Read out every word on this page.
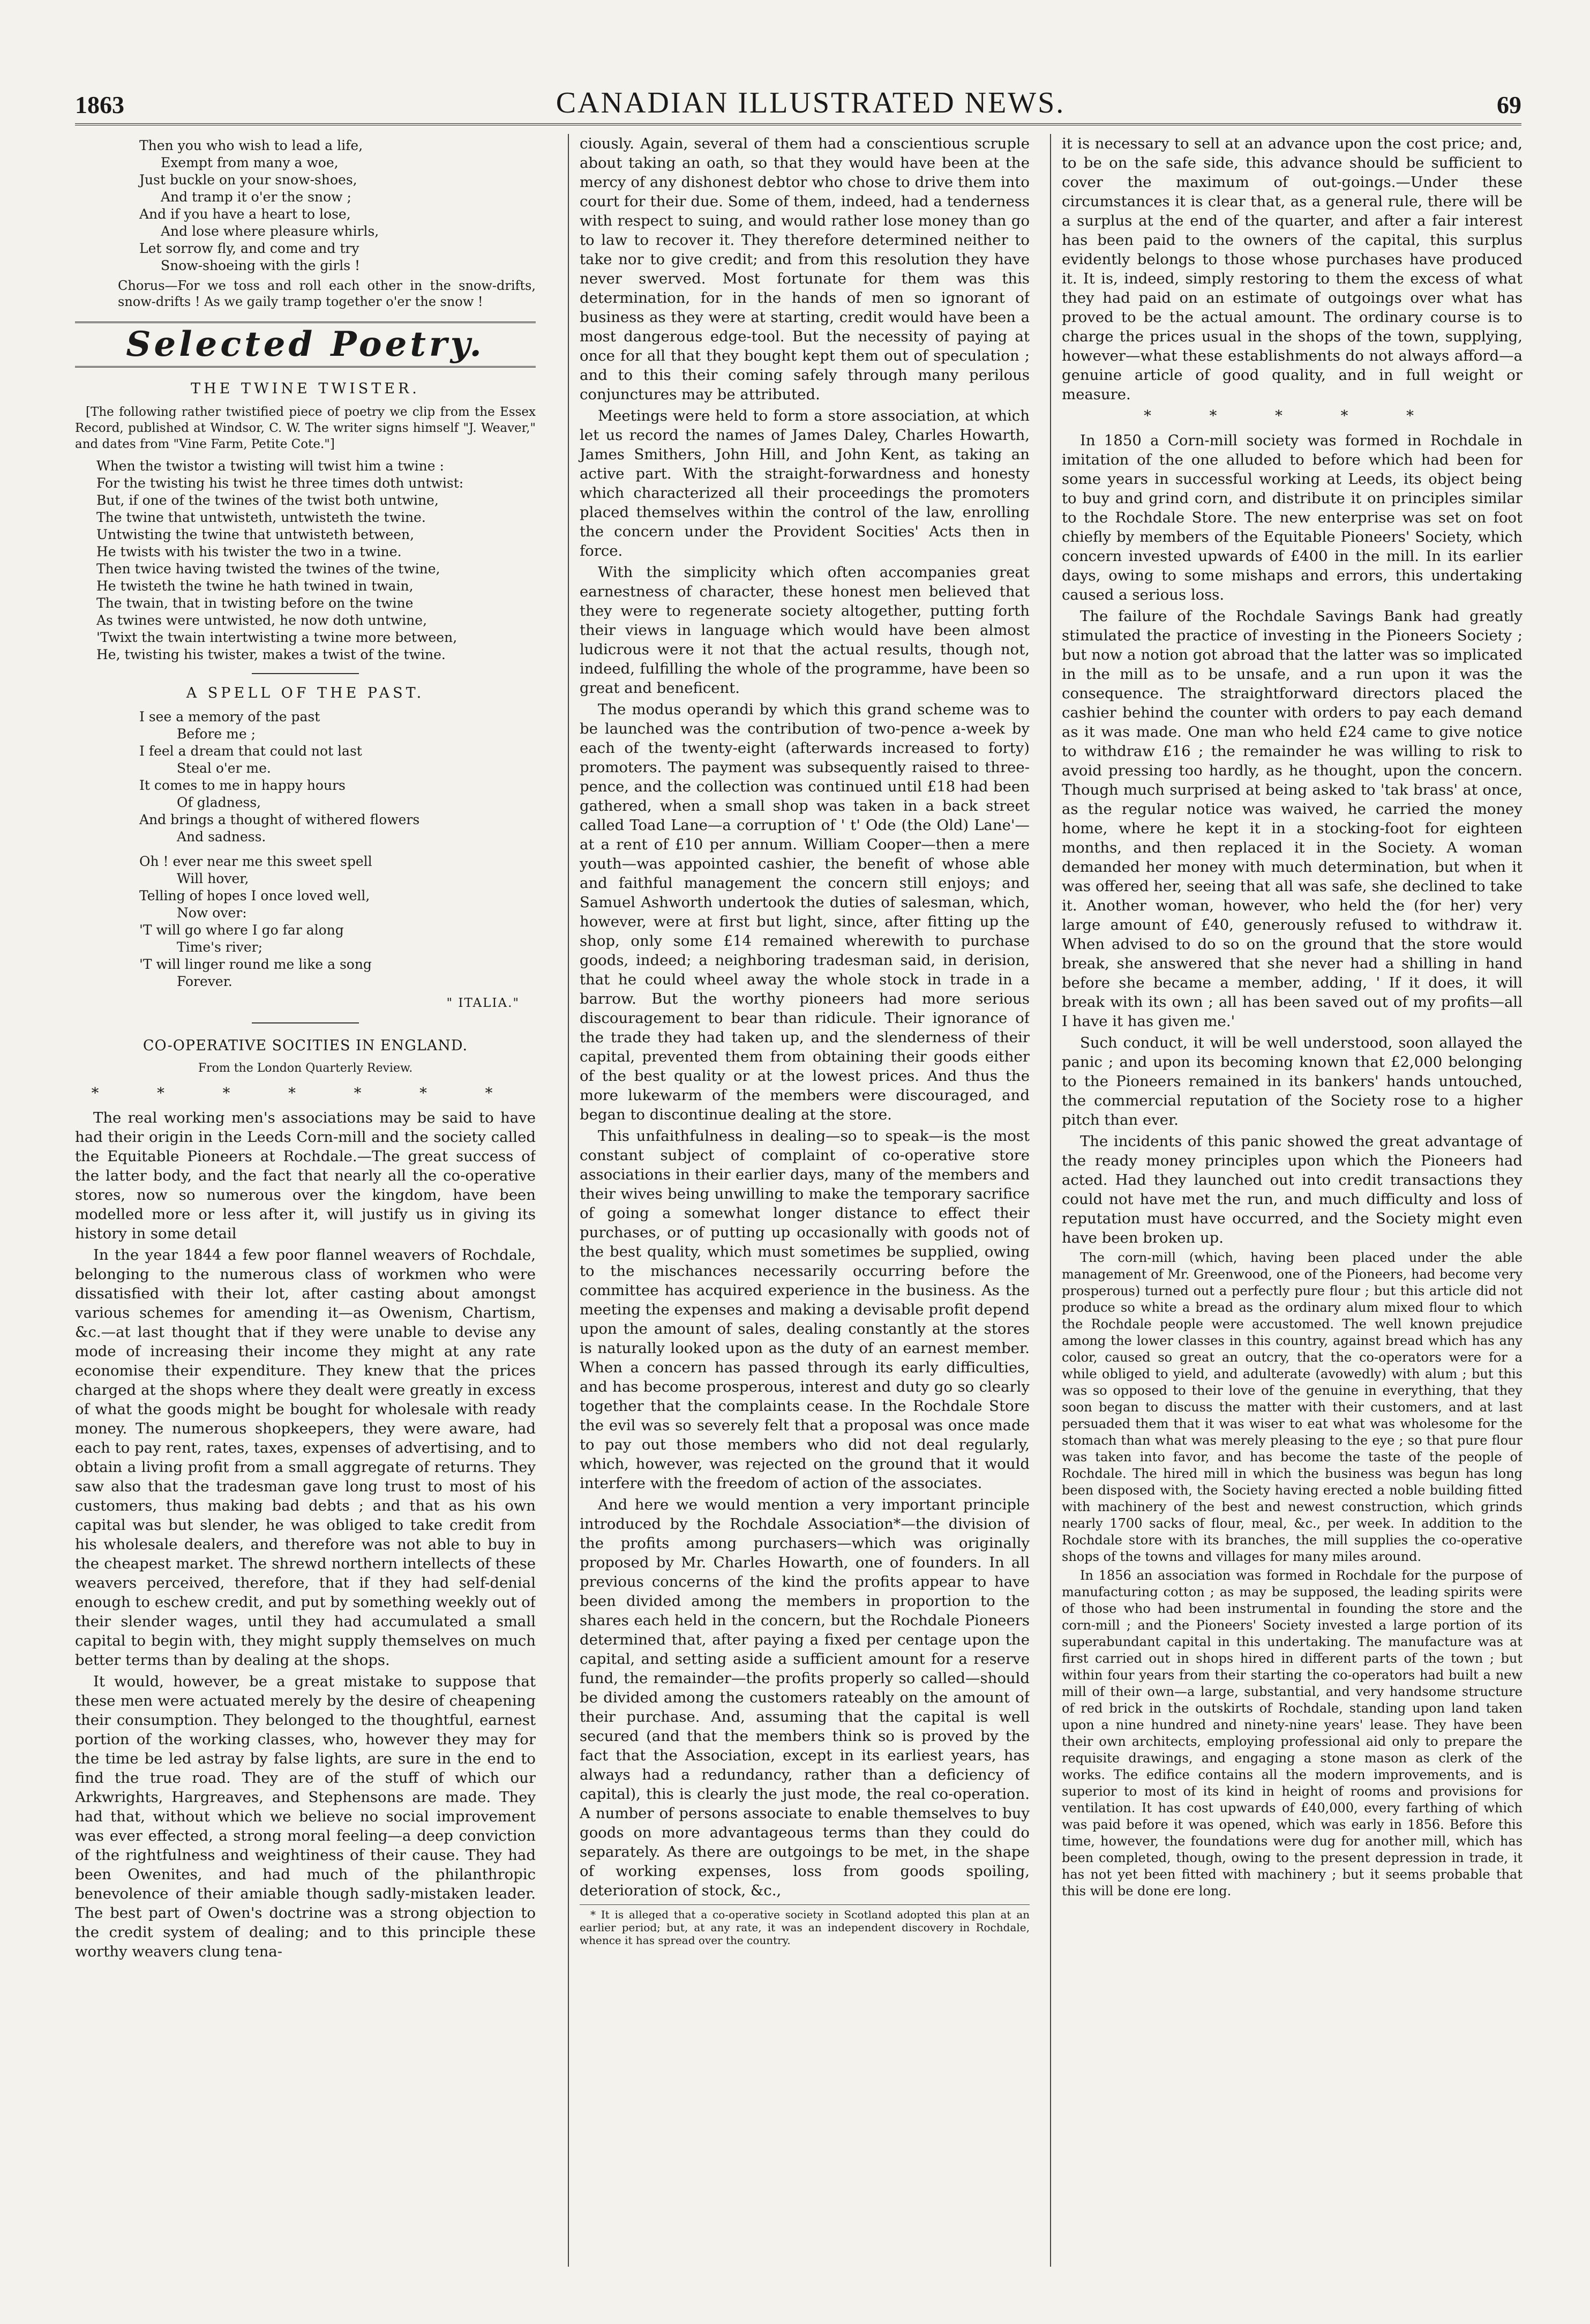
1863	CANADIAN ILLUSTRATED NEWS.	69
Then you who wish to lead a life,
Exempt from many a woe,
Just buckle on your snow-shoes,
And tramp it o'er the snow ;
And if you have a heart to lose,
And lose where pleasure whirls,
Let sorrow fly, and come and try
Snow-shoeing with the girls !
Chorus—For we toss and roll each other in the snow-drifts, snow-drifts ! As we gaily tramp together o'er the snow !
Selected Poetry.
THE TWINE TWISTER.
[The following rather twistified piece of poetry we clip from the Essex Record, published at Windsor, C. W. The writer signs himself "J. Weaver," and dates from "Vine Farm, Petite Cote."]
When the twistor a twisting will twist him a twine :
For the twisting his twist he three times doth untwist:
But, if one of the twines of the twist both untwine,
The twine that untwisteth, untwisteth the twine.
Untwisting the twine that untwisteth between,
He twists with his twister the two in a twine.
Then twice having twisted the twines of the twine,
He twisteth the twine he hath twined in twain,
The twain, that in twisting before on the twine
As twines were untwisted, he now doth untwine,
'Twixt the twain intertwisting a twine more between,
He, twisting his twister, makes a twist of the twine.
A SPELL OF THE PAST.
I see a memory of the past
Before me ;
I feel a dream that could not last
Steal o'er me.
It comes to me in happy hours
Of gladness,
And brings a thought of withered flowers
And sadness.
Oh ! ever near me this sweet spell
Will hover,
Telling of hopes I once loved well,
Now over:
'T will go where I go far along
Time's river;
'T will linger round me like a song
Forever.
" ITALIA."
CO-OPERATIVE SOCITIES IN ENGLAND.
From the London Quarterly Review.
* * * * * * *

The real working men's associations may be said to have had their origin in the Leeds Corn-mill and the society called the Equitable Pioneers at Rochdale.—The great success of the latter body, and the fact that nearly all the co-operative stores, now so numerous over the kingdom, have been modelled more or less after it, will justify us in giving its history in some detail

In the year 1844 a few poor flannel weavers of Rochdale, belonging to the numerous class of workmen who were dissatisfied with their lot, after casting about amongst various schemes for amending it—as Owenism, Chartism, &c.—at last thought that if they were unable to devise any mode of increasing their income they might at any rate economise their expenditure. They knew that the prices charged at the shops where they dealt were greatly in excess of what the goods might be bought for wholesale with ready money. The numerous shopkeepers, they were aware, had each to pay rent, rates, taxes, expenses of advertising, and to obtain a living profit from a small aggregate of returns. They saw also that the tradesman gave long trust to most of his customers, thus making bad debts ; and that as his own capital was but slender, he was obliged to take credit from his wholesale dealers, and therefore was not able to buy in the cheapest market. The shrewd northern intellects of these weavers perceived, therefore, that if they had self-denial enough to eschew credit, and put by something weekly out of their slender wages, until they had accumulated a small capital to begin with, they might supply themselves on much better terms than by dealing at the shops.

It would, however, be a great mistake to suppose that these men were actuated merely by the desire of cheapening their consumption. They belonged to the thoughtful, earnest portion of the working classes, who, however they may for the time be led astray by false lights, are sure in the end to find the true road. They are of the stuff of which our Arkwrights, Hargreaves, and Stephensons are made. They had that, without which we believe no social improvement was ever effected, a strong moral feeling—a deep conviction of the rightfulness and weightiness of their cause. They had been Owenites, and had much of the philanthropic benevolence of their amiable though sadly-mistaken leader. The best part of Owen's doctrine was a strong objection to the credit system of dealing; and to this principle these worthy weavers clung tena-

ciously. Again, several of them had a conscientious scruple about taking an oath, so that they would have been at the mercy of any dishonest debtor who chose to drive them into court for their due. Some of them, indeed, had a tenderness with respect to suing, and would rather lose money than go to law to recover it. They therefore determined neither to take nor to give credit; and from this resolution they have never swerved. Most fortunate for them was this determination, for in the hands of men so ignorant of business as they were at starting, credit would have been a most dangerous edge-tool. But the necessity of paying at once for all that they bought kept them out of speculation ; and to this their coming safely through many perilous conjunctures may be attributed.

Meetings were held to form a store association, at which let us record the names of James Daley, Charles Howarth, James Smithers, John Hill, and John Kent, as taking an active part. With the straight-forwardness and honesty which characterized all their proceedings the promoters placed themselves within the control of the law, enrolling the concern under the Provident Socities' Acts then in force.

With the simplicity which often accompanies great earnestness of character, these honest men believed that they were to regenerate society altogether, putting forth their views in language which would have been almost ludicrous were it not that the actual results, though not, indeed, fulfilling the whole of the programme, have been so great and beneficent.

The modus operandi by which this grand scheme was to be launched was the contribution of two-pence a-week by each of the twenty-eight (afterwards increased to forty) promoters. The payment was subsequently raised to three-pence, and the collection was continued until £18 had been gathered, when a small shop was taken in a back street called Toad Lane—a corruption of ' t' Ode (the Old) Lane'—at a rent of £10 per annum. William Cooper—then a mere youth—was appointed cashier, the benefit of whose able and faithful management the concern still enjoys; and Samuel Ashworth undertook the duties of salesman, which, however, were at first but light, since, after fitting up the shop, only some £14 remained wherewith to purchase goods, indeed; a neighboring tradesman said, in derision, that he could wheel away the whole stock in trade in a barrow. But the worthy pioneers had more serious discouragement to bear than ridicule. Their ignorance of the trade they had taken up, and the slenderness of their capital, prevented them from obtaining their goods either of the best quality or at the lowest prices. And thus the more lukewarm of the members were discouraged, and began to discontinue dealing at the store.

This unfaithfulness in dealing—so to speak—is the most constant subject of complaint of co-operative store associations in their earlier days, many of the members and their wives being unwilling to make the temporary sacrifice of going a somewhat longer distance to effect their purchases, or of putting up occasionally with goods not of the best quality, which must sometimes be supplied, owing to the mischances necessarily occurring before the committee has acquired experience in the business. As the meeting the expenses and making a devisable profit depend upon the amount of sales, dealing constantly at the stores is naturally looked upon as the duty of an earnest member. When a concern has passed through its early difficulties, and has become prosperous, interest and duty go so clearly together that the complaints cease. In the Rochdale Store the evil was so severely felt that a proposal was once made to pay out those members who did not deal regularly, which, however, was rejected on the ground that it would interfere with the freedom of action of the associates.

And here we would mention a very important principle introduced by the Rochdale Association*—the division of the profits among purchasers—which was originally proposed by Mr. Charles Howarth, one of founders. In all previous concerns of the kind the profits appear to have been divided among the members in proportion to the shares each held in the concern, but the Rochdale Pioneers determined that, after paying a fixed per centage upon the capital, and setting aside a sufficient amount for a reserve fund, the remainder—the profits properly so called—should be divided among the customers rateably on the amount of their purchase. And, assuming that the capital is well secured (and that the members think so is proved by the fact that the Association, except in its earliest years, has always had a redundancy, rather than a deficiency of capital), this is clearly the just mode, the real co-operation. A number of persons associate to enable themselves to buy goods on more advantageous terms than they could do separately. As there are outgoings to be met, in the shape of working expenses, loss from goods spoiling, deterioration of stock, &c.,

* It is alleged that a co-operative society in Scotland adopted this plan at an earlier period; but, at any rate, it was an independent discovery in Rochdale, whence it has spread over the country.

it is necessary to sell at an advance upon the cost price; and, to be on the safe side, this advance should be sufficient to cover the maximum of out-goings.—Under these circumstances it is clear that, as a general rule, there will be a surplus at the end of the quarter, and after a fair interest has been paid to the owners of the capital, this surplus evidently belongs to those whose purchases have produced it. It is, indeed, simply restoring to them the excess of what they had paid on an estimate of outgoings over what has proved to be the actual amount. The ordinary course is to charge the prices usual in the shops of the town, supplying, however—what these establishments do not always afford—a genuine article of good quality, and in full weight or measure.

* * * * *

In 1850 a Corn-mill society was formed in Rochdale in imitation of the one alluded to before which had been for some years in successful working at Leeds, its object being to buy and grind corn, and distribute it on principles similar to the Rochdale Store. The new enterprise was set on foot chiefly by members of the Equitable Pioneers' Society, which concern invested upwards of £400 in the mill. In its earlier days, owing to some mishaps and errors, this undertaking caused a serious loss.

The failure of the Rochdale Savings Bank had greatly stimulated the practice of investing in the Pioneers Society ; but now a notion got abroad that the latter was so implicated in the mill as to be unsafe, and a run upon it was the consequence. The straightforward directors placed the cashier behind the counter with orders to pay each demand as it was made. One man who held £24 came to give notice to withdraw £16 ; the remainder he was willing to risk to avoid pressing too hardly, as he thought, upon the concern. Though much surprised at being asked to 'tak brass' at once, as the regular notice was waived, he carried the money home, where he kept it in a stocking-foot for eighteen months, and then replaced it in the Society. A woman demanded her money with much determination, but when it was offered her, seeing that all was safe, she declined to take it. Another woman, however, who held the (for her) very large amount of £40, generously refused to withdraw it. When advised to do so on the ground that the store would break, she answered that she never had a shilling in hand before she became a member, adding, ' If it does, it will break with its own ; all has been saved out of my profits—all I have it has given me.'

Such conduct, it will be well understood, soon allayed the panic ; and upon its becoming known that £2,000 belonging to the Pioneers remained in its bankers' hands untouched, the commercial reputation of the Society rose to a higher pitch than ever.

The incidents of this panic showed the great advantage of the ready money principles upon which the Pioneers had acted. Had they launched out into credit transactions they could not have met the run, and much difficulty and loss of reputation must have occurred, and the Society might even have been broken up.

The corn-mill (which, having been placed under the able management of Mr. Greenwood, one of the Pioneers, had become very prosperous) turned out a perfectly pure flour ; but this article did not produce so white a bread as the ordinary alum mixed flour to which the Rochdale people were accustomed. The well known prejudice among the lower classes in this country, against bread which has any color, caused so great an outcry, that the co-operators were for a while obliged to yield, and adulterate (avowedly) with alum ; but this was so opposed to their love of the genuine in everything, that they soon began to discuss the matter with their customers, and at last persuaded them that it was wiser to eat what was wholesome for the stomach than what was merely pleasing to the eye ; so that pure flour was taken into favor, and has become the taste of the people of Rochdale. The hired mill in which the business was begun has long been disposed with, the Society having erected a noble building fitted with machinery of the best and newest construction, which grinds nearly 1700 sacks of flour, meal, &c., per week. In addition to the Rochdale store with its branches, the mill supplies the co-operative shops of the towns and villages for many miles around.

In 1856 an association was formed in Rochdale for the purpose of manufacturing cotton ; as may be supposed, the leading spirits were of those who had been instrumental in founding the store and the corn-mill ; and the Pioneers' Society invested a large portion of its superabundant capital in this undertaking. The manufacture was at first carried out in shops hired in different parts of the town ; but within four years from their starting the co-operators had built a new mill of their own—a large, substantial, and very handsome structure of red brick in the outskirts of Rochdale, standing upon land taken upon a nine hundred and ninety-nine years' lease. They have been their own architects, employing professional aid only to prepare the requisite drawings, and engaging a stone mason as clerk of the works. The edifice contains all the modern improvements, and is superior to most of its kind in height of rooms and provisions for ventilation. It has cost upwards of £40,000, every farthing of which was paid before it was opened, which was early in 1856. Before this time, however, the foundations were dug for another mill, which has been completed, though, owing to the present depression in trade, it has not yet been fitted with machinery ; but it seems probable that this will be done ere long.
